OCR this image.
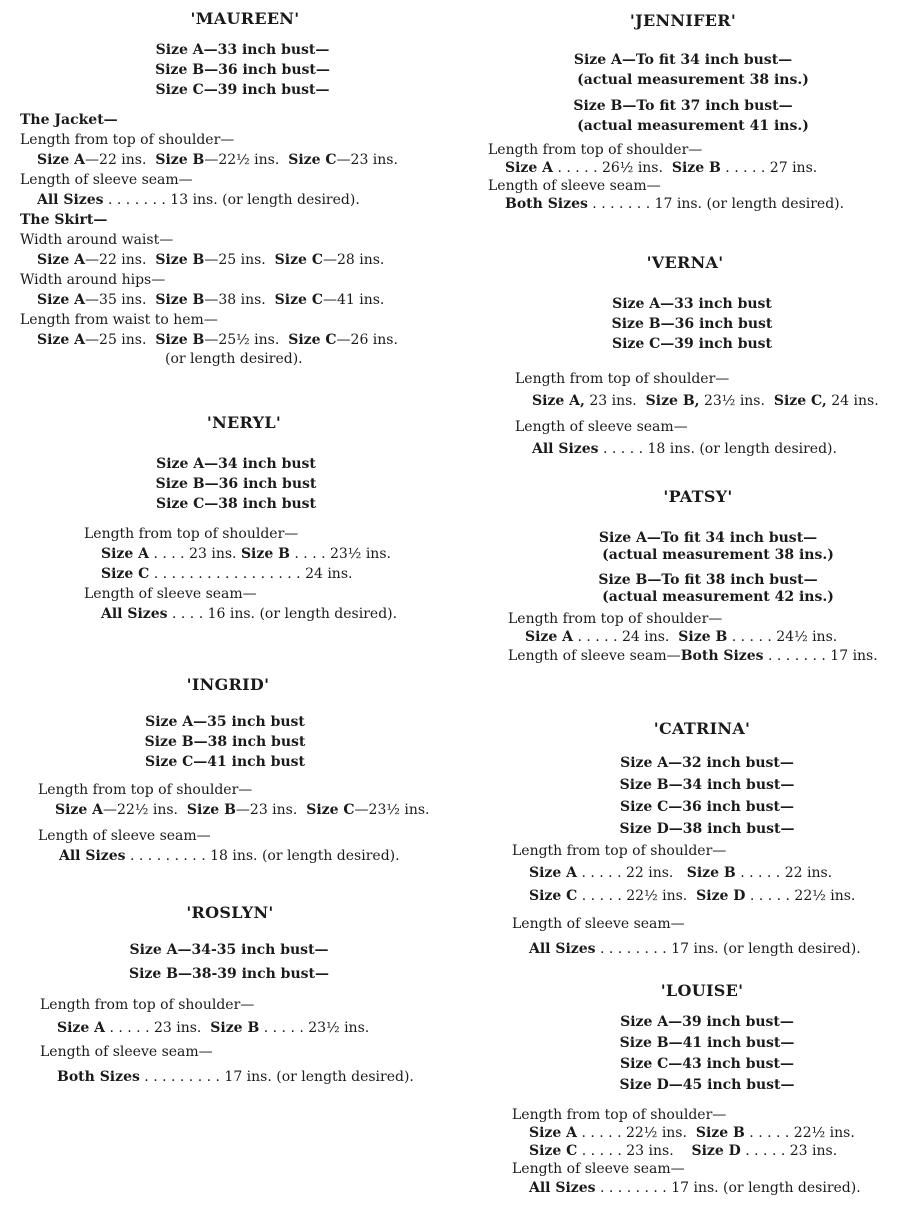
'MAUREEN'
Size A—33 inch bust—
Size B—36 inch bust—
Size C—39 inch bust—
The Jacket—
Length from top of shoulder—
Size A—22 ins. Size B—22½ ins. Size C—23 ins.
Length of sleeve seam—
All Sizes . . . . . . . 13 ins. (or length desired).
The Skirt—
Width around waist—
Size A—22 ins. Size B—25 ins. Size C—28 ins.
Width around hips—
Size A—35 ins. Size B—38 ins. Size C—41 ins.
Length from waist to hem—
Size A—25 ins. Size B—25½ ins. Size C—26 ins.
(or length desired).
'NERYL'
Size A—34 inch bust
Size B—36 inch bust
Size C—38 inch bust
Length from top of shoulder—
Size A . . . . 23 ins. Size B . . . . 23½ ins.
Size C . . . . . . . . . . . . . . . . . 24 ins.
Length of sleeve seam—
All Sizes . . . . 16 ins. (or length desired).
'INGRID'
Size A—35 inch bust
Size B—38 inch bust
Size C—41 inch bust
Length from top of shoulder—
Size A—22½ ins. Size B—23 ins. Size C—23½ ins.
Length of sleeve seam—
All Sizes . . . . . . . . . 18 ins. (or length desired).
'ROSLYN'
Size A—34-35 inch bust—
Size B—38-39 inch bust—
Length from top of shoulder—
Size A . . . . . 23 ins. Size B . . . . . 23½ ins.
Length of sleeve seam—
Both Sizes . . . . . . . . . 17 ins. (or length desired).
'JENNIFER'
Size A—To fit 34 inch bust—
(actual measurement 38 ins.)
Size B—To fit 37 inch bust—
(actual measurement 41 ins.)
Length from top of shoulder—
Size A . . . . . 26½ ins. Size B . . . . . 27 ins.
Length of sleeve seam—
Both Sizes . . . . . . . 17 ins. (or length desired).
'VERNA'
Size A—33 inch bust
Size B—36 inch bust
Size C—39 inch bust
Length from top of shoulder—
Size A, 23 ins. Size B, 23½ ins. Size C, 24 ins.
Length of sleeve seam—
All Sizes . . . . . 18 ins. (or length desired).
'PATSY'
Size A—To fit 34 inch bust—
(actual measurement 38 ins.)
Size B—To fit 38 inch bust—
(actual measurement 42 ins.)
Length from top of shoulder—
Size A . . . . . 24 ins. Size B . . . . . 24½ ins.
Length of sleeve seam—Both Sizes . . . . . . . 17 ins.
'CATRINA'
Size A—32 inch bust—
Size B—34 inch bust—
Size C—36 inch bust—
Size D—38 inch bust—
Length from top of shoulder—
Size A . . . . . 22 ins. Size B . . . . . 22 ins.
Size C . . . . . 22½ ins. Size D . . . . . 22½ ins.
Length of sleeve seam—
All Sizes . . . . . . . . 17 ins. (or length desired).
'LOUISE'
Size A—39 inch bust—
Size B—41 inch bust—
Size C—43 inch bust—
Size D—45 inch bust—
Length from top of shoulder—
Size A . . . . . 22½ ins. Size B . . . . . 22½ ins.
Size C . . . . . 23 ins. Size D . . . . . 23 ins.
Length of sleeve seam—
All Sizes . . . . . . . . 17 ins. (or length desired).
